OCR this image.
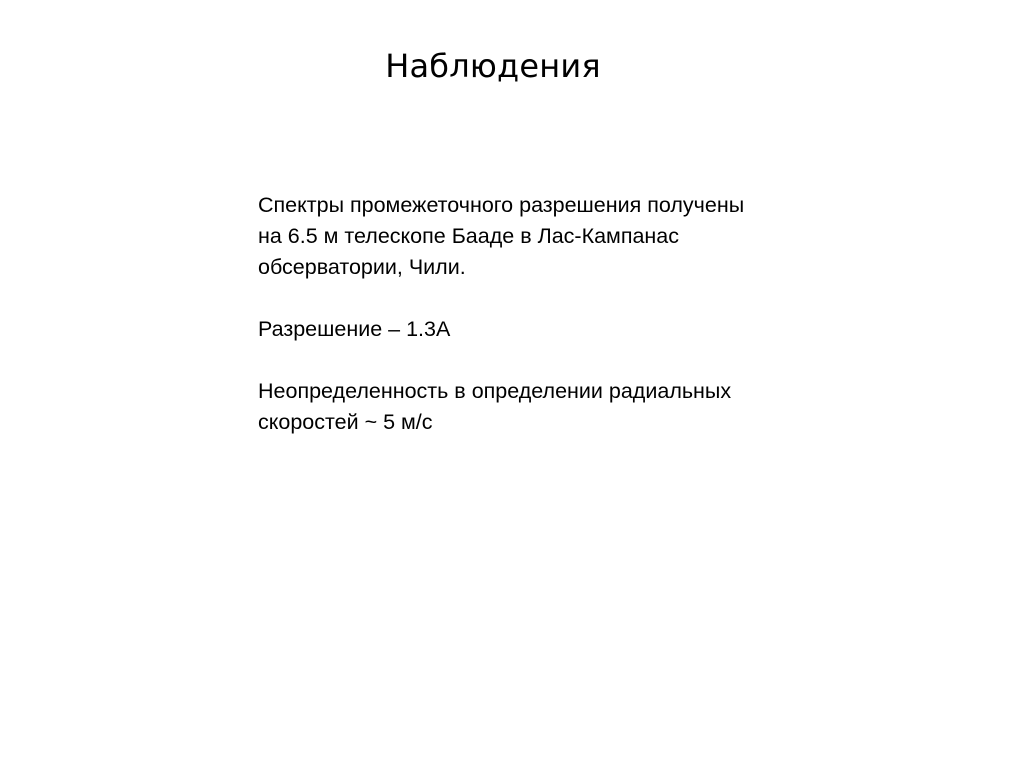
Наблюдения

Спектры промежеточного разрешения получены
на 6.5 м телескопе Бааде в Лас-Кампанас
обсерватории, Чили.

Разрешение – 1.3А

Неопределенность в определении радиальных
скоростей ~ 5 м/с
